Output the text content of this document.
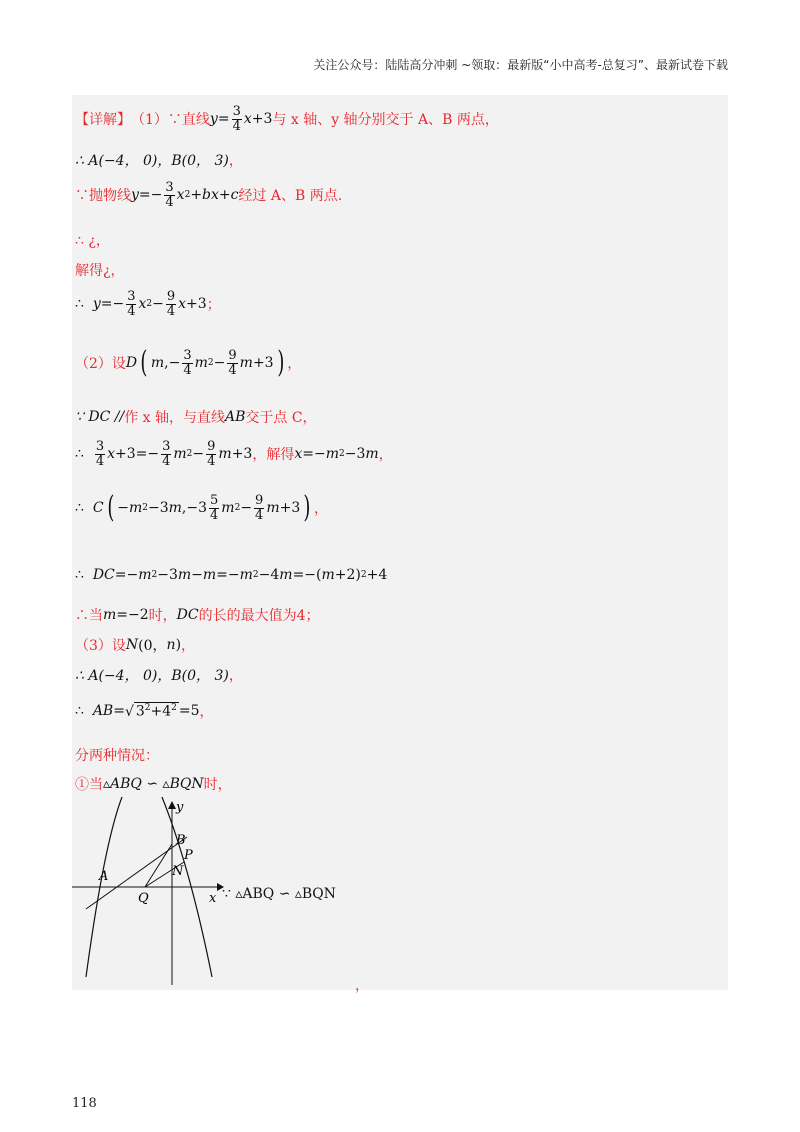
关注公众号：陆陆高分冲刺 ~领取：最新版“小中高考-总复习”、最新试卷下载
【详解】 （1）∵直线 $y = \frac{3}{4}$ x +3 与 x 轴、y 轴分别交于 A、B 两点，
∴ A(−4， 0)，B(0， 3) ，
∵抛物线 $y =- \frac{3}{4}$ x 2 + bx + c 经过 A、B 两点.
∴ ¿，
解得¿，
∴ $y =- \frac{3}{4}$ x $2 - \frac{9}{4}$ x +3 ；
（2）设 D ( m ,− $\frac{3}{4}$ m $2 - \frac{9}{4}$ m +3 ) ，
∵ DC // 作 x 轴，与直线 AB 交于点 C，
∴ $\frac{3}{4}$ $x +3=- \frac{3}{4}$ m $2 - \frac{9}{4}$ m +3 ，解得 x =− m 2 −3 m ，
∴ C ( − m 2 −3 m $,-3 \frac{5}{4}$ m $2 - \frac{9}{4}$ m +3 ) ，
∴ DC =− m 2 −3 m − m =− m 2 −4 m =−( m +2) 2 +4
∴当 m =−2 时， DC 的长的最大值为 4；
（3）设 N (0， n ) ，
∴ A(−4， 0)，B(0， 3) ，
∴ AB = √ $3^2+4^2 =5$ ，
分两种情况：
①当 ▵ ABQ ∽ ▵ BQN 时，
y
x
A
B
P
N
Q	∵ ▵ABQ ∽ ▵BQN
，
118
